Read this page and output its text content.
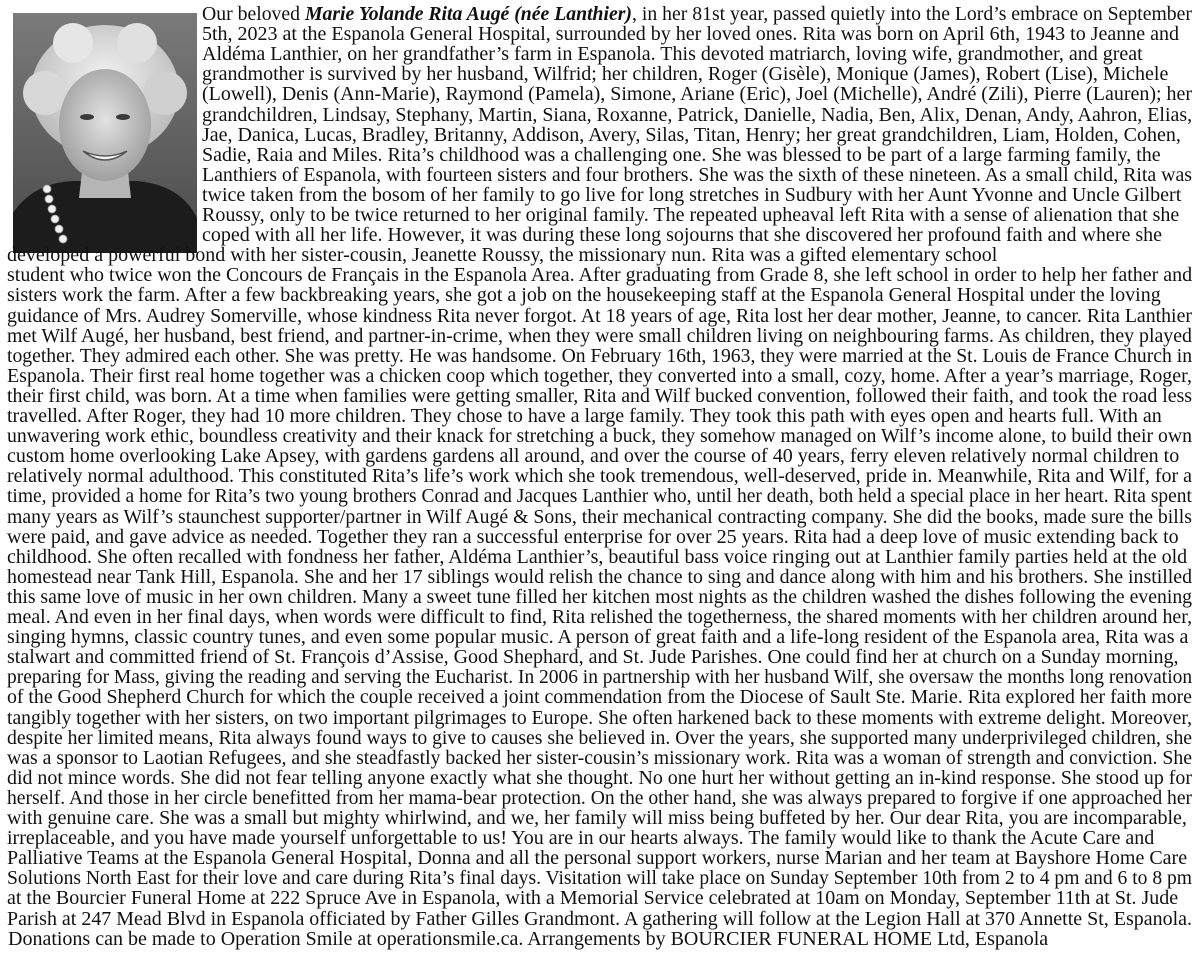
Our beloved Marie Yolande Rita Augé (née Lanthier), in her 81st year, passed quietly into the Lord’s embrace on September
5th, 2023 at the Espanola General Hospital, surrounded by her loved ones. Rita was born on April 6th, 1943 to Jeanne and
Aldéma Lanthier, on her grandfather’s farm in Espanola. This devoted matriarch, loving wife, grandmother, and great
grandmother is survived by her husband, Wilfrid; her children, Roger (Gisèle), Monique (James), Robert (Lise), Michele
(Lowell), Denis (Ann-Marie), Raymond (Pamela), Simone, Ariane (Eric), Joel (Michelle), André (Zili), Pierre (Lauren); her
grandchildren, Lindsay, Stephany, Martin, Siana, Roxanne, Patrick, Danielle, Nadia, Ben, Alix, Denan, Andy, Aahron, Elias,
Jae, Danica, Lucas, Bradley, Britanny, Addison, Avery, Silas, Titan, Henry; her great grandchildren, Liam, Holden, Cohen,
Sadie, Raia and Miles. Rita’s childhood was a challenging one. She was blessed to be part of a large farming family, the
Lanthiers of Espanola, with fourteen sisters and four brothers. She was the sixth of these nineteen. As a small child, Rita was
twice taken from the bosom of her family to go live for long stretches in Sudbury with her Aunt Yvonne and Uncle Gilbert
Roussy, only to be twice returned to her original family. The repeated upheaval left Rita with a sense of alienation that she
coped with all her life. However, it was during these long sojourns that she discovered her profound faith and where she
developed a powerful bond with her sister-cousin, Jeanette Roussy, the missionary nun. Rita was a gifted elementary school
student who twice won the Concours de Français in the Espanola Area. After graduating from Grade 8, she left school in order to help her father and
sisters work the farm. After a few backbreaking years, she got a job on the housekeeping staff at the Espanola General Hospital under the loving
guidance of Mrs. Audrey Somerville, whose kindness Rita never forgot. At 18 years of age, Rita lost her dear mother, Jeanne, to cancer. Rita Lanthier
met Wilf Augé, her husband, best friend, and partner-in-crime, when they were small children living on neighbouring farms. As children, they played
together. They admired each other. She was pretty. He was handsome. On February 16th, 1963, they were married at the St. Louis de France Church in
Espanola. Their first real home together was a chicken coop which together, they converted into a small, cozy, home. After a year’s marriage, Roger,
their first child, was born. At a time when families were getting smaller, Rita and Wilf bucked convention, followed their faith, and took the road less
travelled. After Roger, they had 10 more children. They chose to have a large family. They took this path with eyes open and hearts full. With an
unwavering work ethic, boundless creativity and their knack for stretching a buck, they somehow managed on Wilf’s income alone, to build their own
custom home overlooking Lake Apsey, with gardens gardens all around, and over the course of 40 years, ferry eleven relatively normal children to
relatively normal adulthood. This constituted Rita’s life’s work which she took tremendous, well-deserved, pride in. Meanwhile, Rita and Wilf, for a
time, provided a home for Rita’s two young brothers Conrad and Jacques Lanthier who, until her death, both held a special place in her heart. Rita spent
many years as Wilf’s staunchest supporter/partner in Wilf Augé & Sons, their mechanical contracting company. She did the books, made sure the bills
were paid, and gave advice as needed. Together they ran a successful enterprise for over 25 years. Rita had a deep love of music extending back to
childhood. She often recalled with fondness her father, Aldéma Lanthier’s, beautiful bass voice ringing out at Lanthier family parties held at the old
homestead near Tank Hill, Espanola. She and her 17 siblings would relish the chance to sing and dance along with him and his brothers. She instilled
this same love of music in her own children. Many a sweet tune filled her kitchen most nights as the children washed the dishes following the evening
meal. And even in her final days, when words were difficult to find, Rita relished the togetherness, the shared moments with her children around her,
singing hymns, classic country tunes, and even some popular music. A person of great faith and a life-long resident of the Espanola area, Rita was a
stalwart and committed friend of St. François d’Assise, Good Shephard, and St. Jude Parishes. One could find her at church on a Sunday morning,
preparing for Mass, giving the reading and serving the Eucharist. In 2006 in partnership with her husband Wilf, she oversaw the months long renovation
of the Good Shepherd Church for which the couple received a joint commendation from the Diocese of Sault Ste. Marie. Rita explored her faith more
tangibly together with her sisters, on two important pilgrimages to Europe. She often harkened back to these moments with extreme delight. Moreover,
despite her limited means, Rita always found ways to give to causes she believed in. Over the years, she supported many underprivileged children, she
was a sponsor to Laotian Refugees, and she steadfastly backed her sister-cousin’s missionary work. Rita was a woman of strength and conviction. She
did not mince words. She did not fear telling anyone exactly what she thought. No one hurt her without getting an in-kind response. She stood up for
herself. And those in her circle benefitted from her mama-bear protection. On the other hand, she was always prepared to forgive if one approached her
with genuine care. She was a small but mighty whirlwind, and we, her family will miss being buffeted by her. Our dear Rita, you are incomparable,
irreplaceable, and you have made yourself unforgettable to us! You are in our hearts always. The family would like to thank the Acute Care and
Palliative Teams at the Espanola General Hospital, Donna and all the personal support workers, nurse Marian and her team at Bayshore Home Care
Solutions North East for their love and care during Rita’s final days. Visitation will take place on Sunday September 10th from 2 to 4 pm and 6 to 8 pm
at the Bourcier Funeral Home at 222 Spruce Ave in Espanola, with a Memorial Service celebrated at 10am on Monday, September 11th at St. Jude
Parish at 247 Mead Blvd in Espanola officiated by Father Gilles Grandmont. A gathering will follow at the Legion Hall at 370 Annette St, Espanola.
Donations can be made to Operation Smile at operationsmile.ca. Arrangements by BOURCIER FUNERAL HOME Ltd, Espanola
